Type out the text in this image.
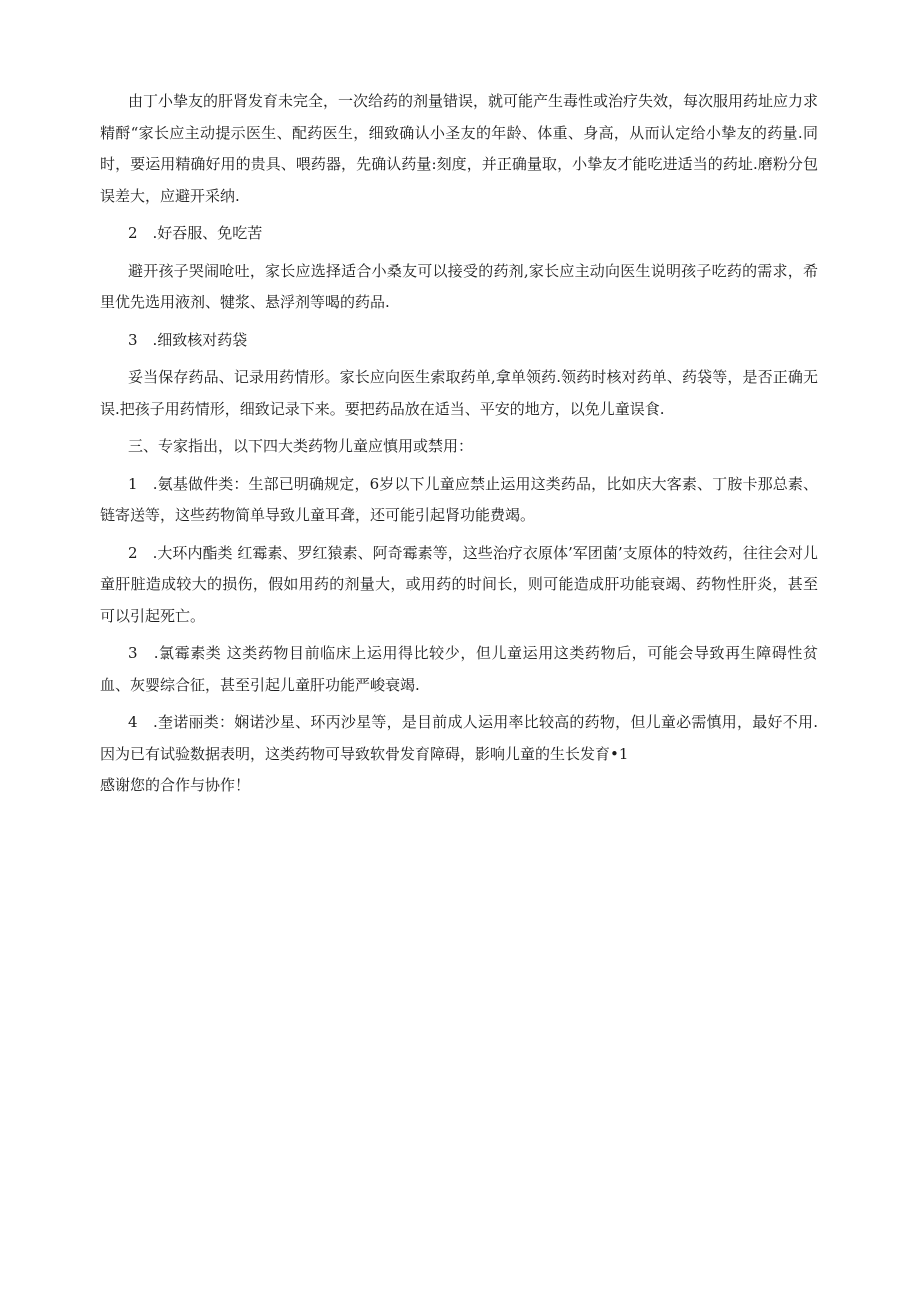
由丁小挚友的肝肾发育未完全，一次给药的剂量错误，就可能产生毒性或治疗失效，每次服用药址应力求精酹“家长应主动提示医生、配药医生，细致确认小圣友的年龄、体重、身高，从而认定给小挚友的药量.同时，要运用精确好用的贵具、喂药器，先确认药量:刻度，并正确量取，小挚友才能吃进适当的药址.磨粉分包误差大，应避开采纳.

2　.好吞服、免吃苦

避开孩子哭闹呛吐，家长应选择适合小桑友可以接受的药剂,家长应主动向医生说明孩子吃药的需求，希里优先选用液剂、犍浆、悬浮剂等喝的药品.

3　.细致核对药袋

妥当保存药品、记录用药情形。家长应向医生索取药单,拿单领药.领药时核对药单、药袋等，是否正确无误.把孩子用药情形，细致记录下来。要把药品放在适当、平安的地方，以免儿童误食.

三、专家指出，以下四大类药物儿童应慎用或禁用：

1　.氨基做件类：生部已明确规定，6岁以下儿童应禁止运用这类药品，比如庆大客素、丁胺卡那总素、链寄送等，这些药物简单导致儿童耳聋，还可能引起肾功能费竭。

2　.大环内酯类 红霉素、罗红猿素、阿奇霉素等，这些治疗衣原体’军团菌’支原体的特效药，往往会对儿童肝脏造成较大的损伤，假如用药的剂量大，或用药的时间长，则可能造成肝功能衰竭、药物性肝炎，甚至可以引起死亡。

3　.氯霉素类 这类药物目前临床上运用得比较少，但儿童运用这类药物后，可能会导致再生障碍性贫血、灰婴综合征，甚至引起儿童肝功能严峻衰竭.

4　.奎诺丽类：娴诺沙星、环丙沙星等，是目前成人运用率比较高的药物，但儿童必需慎用，最好不用.因为已有试验数据表明，这类药物可导致软骨发育障碍，影响儿童的生长发育•1

感谢您的合作与协作！
